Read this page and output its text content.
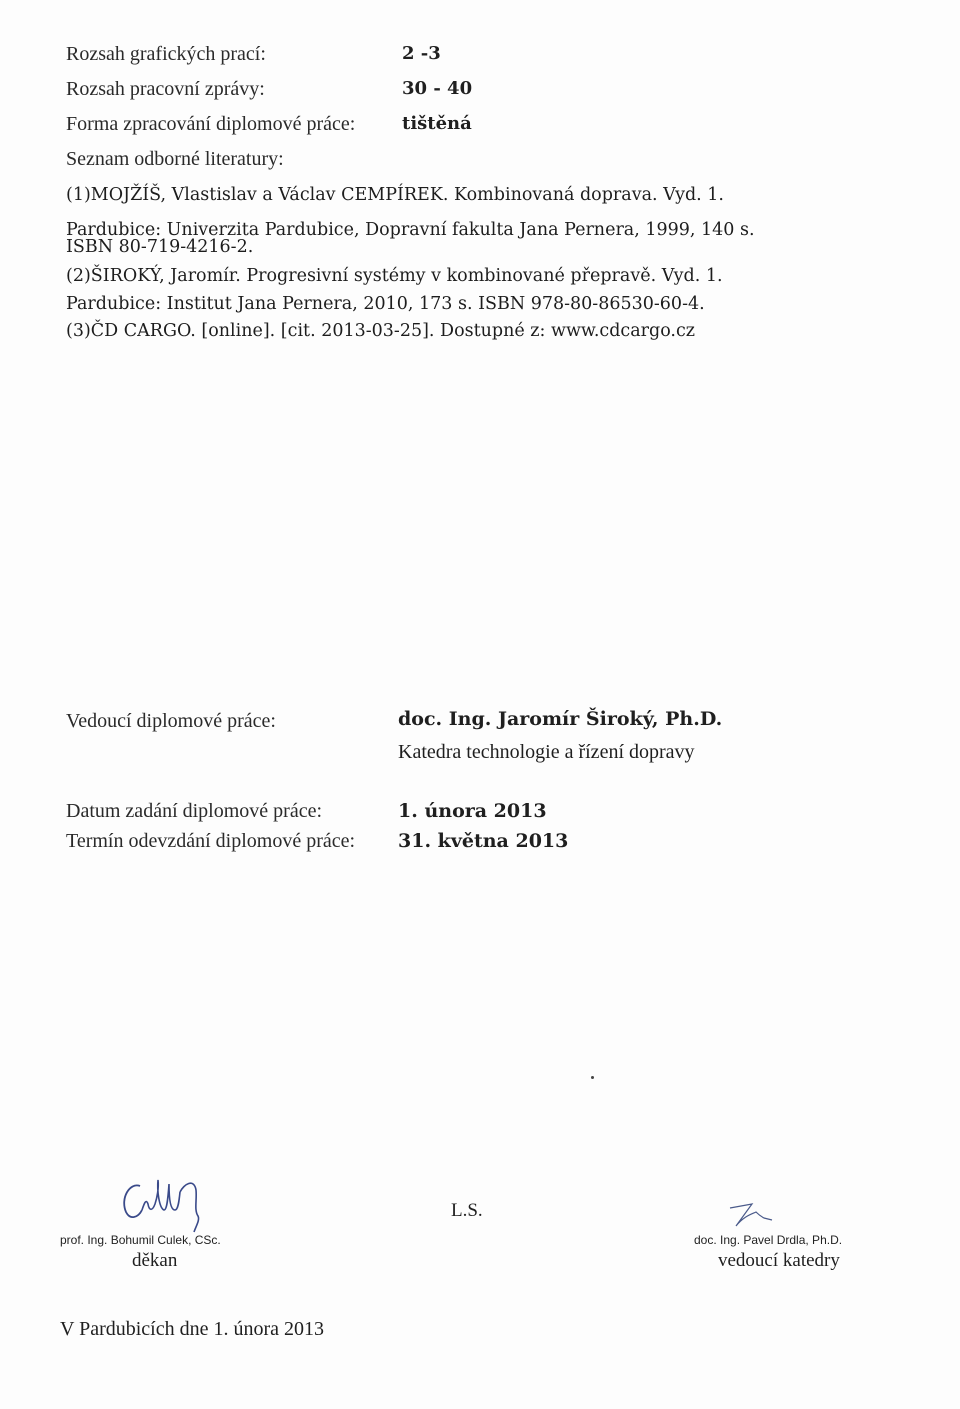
Rozsah grafických prací:	2 -3
Rozsah pracovní zprávy:	30 - 40
Forma zpracování diplomové práce:	tištěná
Seznam odborné literatury:
(1)MOJŽÍŠ, Vlastislav a Václav CEMPÍREK. Kombinovaná doprava. Vyd. 1.
Pardubice: Univerzita Pardubice, Dopravní fakulta Jana Pernera, 1999, 140 s.
ISBN 80-719-4216-2.
(2)ŠIROKÝ, Jaromír. Progresivní systémy v kombinované přepravě. Vyd. 1.
Pardubice: Institut Jana Pernera, 2010, 173 s. ISBN 978-80-86530-60-4.
(3)ČD CARGO. [online]. [cit. 2013-03-25]. Dostupné z: www.cdcargo.cz
Vedoucí diplomové práce:	doc. Ing. Jaromír Široký, Ph.D.
Katedra technologie a řízení dopravy
Datum zadání diplomové práce:	1. února 2013
Termín odevzdání diplomové práce: 31. května 2013
prof. Ing. Bohumil Culek, CSc.
děkan
L.S.
doc. Ing. Pavel Drdla, Ph.D.
vedoucí katedry
V Pardubicích dne 1. února 2013
